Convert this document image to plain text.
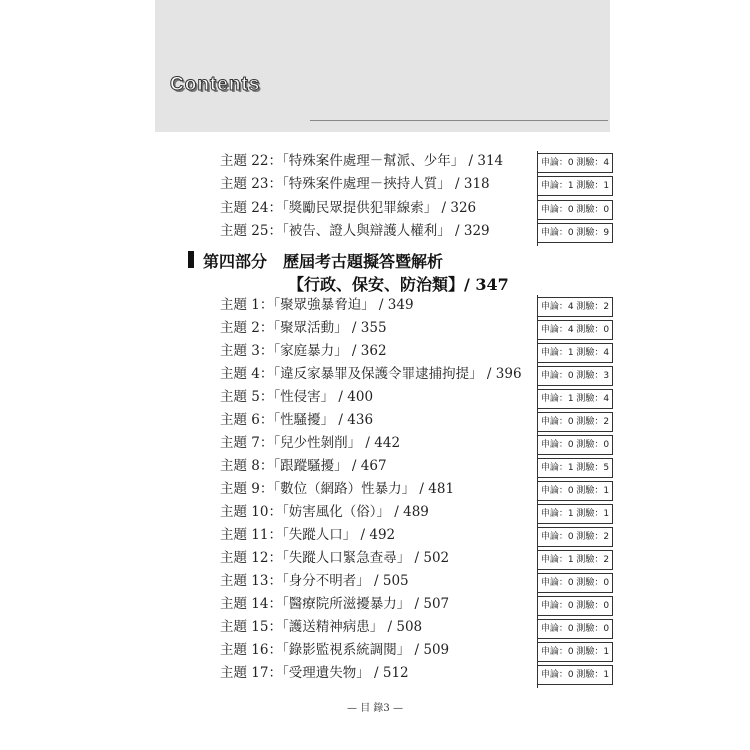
Contents
主題 22：「特殊案件處理－幫派、少年」 / 314	申論：0 測驗：4
主題 23：「特殊案件處理－挾持人質」 / 318	申論：1 測驗：1
主題 24：「獎勵民眾提供犯罪線索」 / 326	申論：0 測驗：0
主題 25：「被告、證人與辯護人權利」 / 329	申論：0 測驗：9
第四部分　歷屆考古題擬答暨解析
【行政、保安、防治類】/ 347
主題 1：「聚眾強暴脅迫」 / 349	申論：4 測驗：2
主題 2：「聚眾活動」 / 355	申論：4 測驗：0
主題 3：「家庭暴力」 / 362	申論：1 測驗：4
主題 4：「違反家暴罪及保護令罪逮捕拘提」 / 396	申論：0 測驗：3
主題 5：「性侵害」 / 400	申論：1 測驗：4
主題 6：「性騷擾」 / 436	申論：0 測驗：2
主題 7：「兒少性剝削」 / 442	申論：0 測驗：0
主題 8：「跟蹤騷擾」 / 467	申論：1 測驗：5
主題 9：「數位（網路）性暴力」 / 481	申論：0 測驗：1
主題 10：「妨害風化（俗）」 / 489	申論：1 測驗：1
主題 11：「失蹤人口」 / 492	申論：0 測驗：2
主題 12：「失蹤人口緊急查尋」 / 502	申論：1 測驗：2
主題 13：「身分不明者」 / 505	申論：0 測驗：0
主題 14：「醫療院所滋擾暴力」 / 507	申論：0 測驗：0
主題 15：「護送精神病患」 / 508	申論：0 測驗：0
主題 16：「錄影監視系統調閱」 / 509	申論：0 測驗：1
主題 17：「受理遺失物」 / 512	申論：0 測驗：1
— 目 錄3 —
